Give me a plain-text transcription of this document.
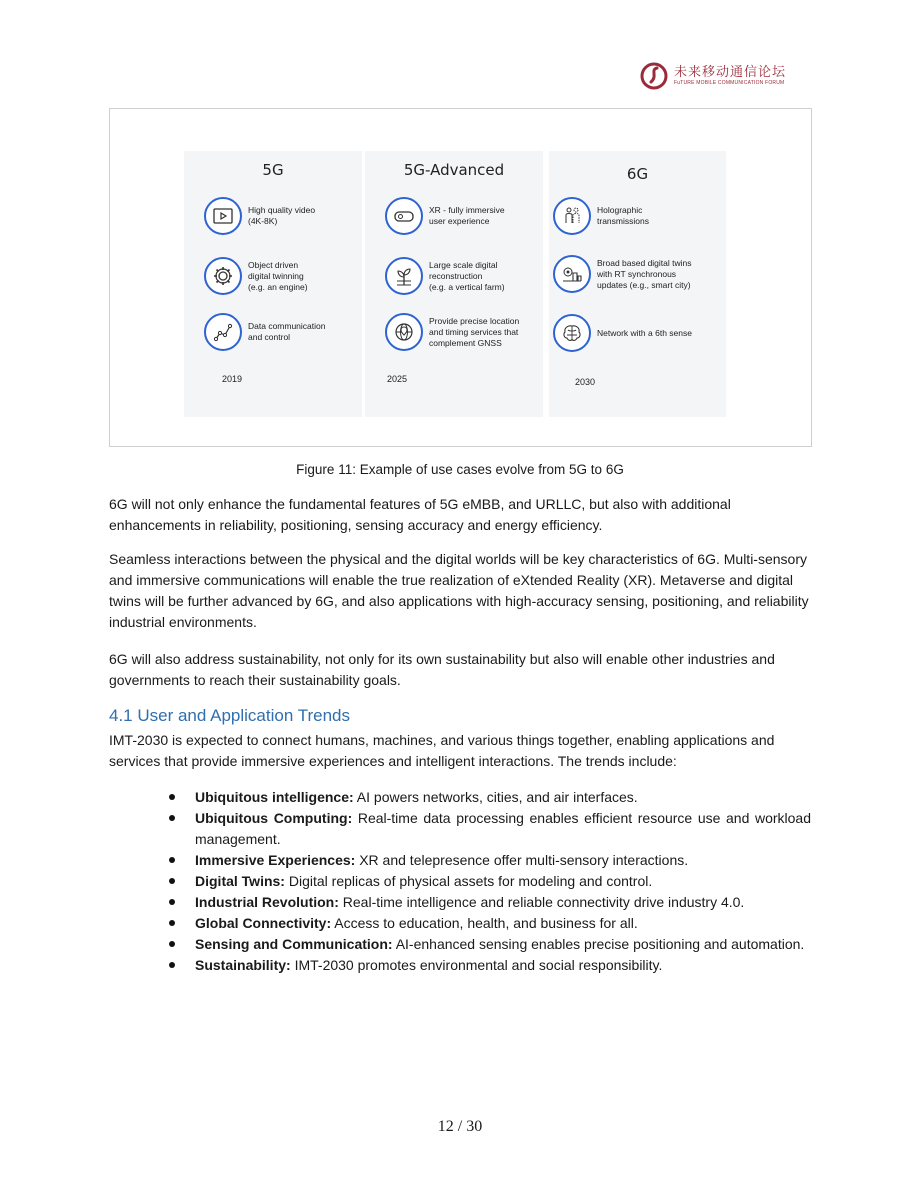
未来移动通信论坛
FuTURE MOBILE COMMUNICATION FORUM
5G
High quality video
(4K-8K)
Object driven
digital twinning
(e.g. an engine)
Data communication
and control
2019
5G-Advanced
XR - fully immersive
user experience
Large scale digital
reconstruction
(e.g. a vertical farm)
Provide precise location
and timing services that
complement GNSS
2025
6G
Holographic
transmissions
Broad based digital twins
with RT synchronous
updates (e.g., smart city)
Network with a 6th sense
2030
Figure 11: Example of use cases evolve from 5G to 6G
6G will not only enhance the fundamental features of 5G eMBB, and URLLC, but also with additional enhancements in reliability, positioning, sensing accuracy and energy efficiency.
Seamless interactions between the physical and the digital worlds will be key characteristics of 6G. Multi-sensory and immersive communications will enable the true realization of eXtended Reality (XR). Metaverse and digital twins will be further advanced by 6G, and also applications with high-accuracy sensing, positioning, and reliability industrial environments.
6G will also address sustainability, not only for its own sustainability but also will enable other industries and governments to reach their sustainability goals.
4.1 User and Application Trends
IMT-2030 is expected to connect humans, machines, and various things together, enabling applications and services that provide immersive experiences and intelligent interactions. The trends include:
Ubiquitous intelligence: AI powers networks, cities, and air interfaces.
Ubiquitous Computing: Real-time data processing enables efficient resource use and workload management.
Immersive Experiences: XR and telepresence offer multi-sensory interactions.
Digital Twins: Digital replicas of physical assets for modeling and control.
Industrial Revolution: Real-time intelligence and reliable connectivity drive industry 4.0.
Global Connectivity: Access to education, health, and business for all.
Sensing and Communication: AI-enhanced sensing enables precise positioning and automation.
Sustainability: IMT-2030 promotes environmental and social responsibility.
12 / 30
